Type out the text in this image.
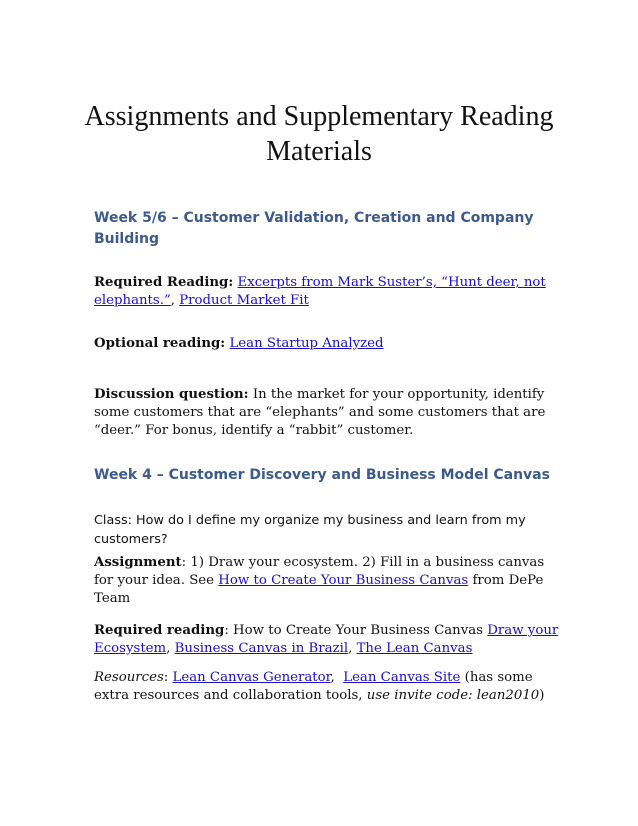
Assignments and Supplementary Reading
Materials
Week 5/6 – Customer Validation, Creation and Company
Building

Required Reading: Excerpts from Mark Suster’s, “Hunt deer, not
elephants.”, Product Market Fit

Optional reading: Lean Startup Analyzed

Discussion question: In the market for your opportunity, identify
some customers that are “elephants” and some customers that are
“deer.” For bonus, identify a “rabbit” customer.

Week 4 – Customer Discovery and Business Model Canvas

Class: How do I define my organize my business and learn from my
customers?

Assignment: 1) Draw your ecosystem. 2) Fill in a business canvas
for your idea. See How to Create Your Business Canvas from DePe
Team

Required reading: How to Create Your Business Canvas Draw your
Ecosystem, Business Canvas in Brazil, The Lean Canvas

Resources: Lean Canvas Generator, Lean Canvas Site (has some
extra resources and collaboration tools, use invite code: lean2010)
